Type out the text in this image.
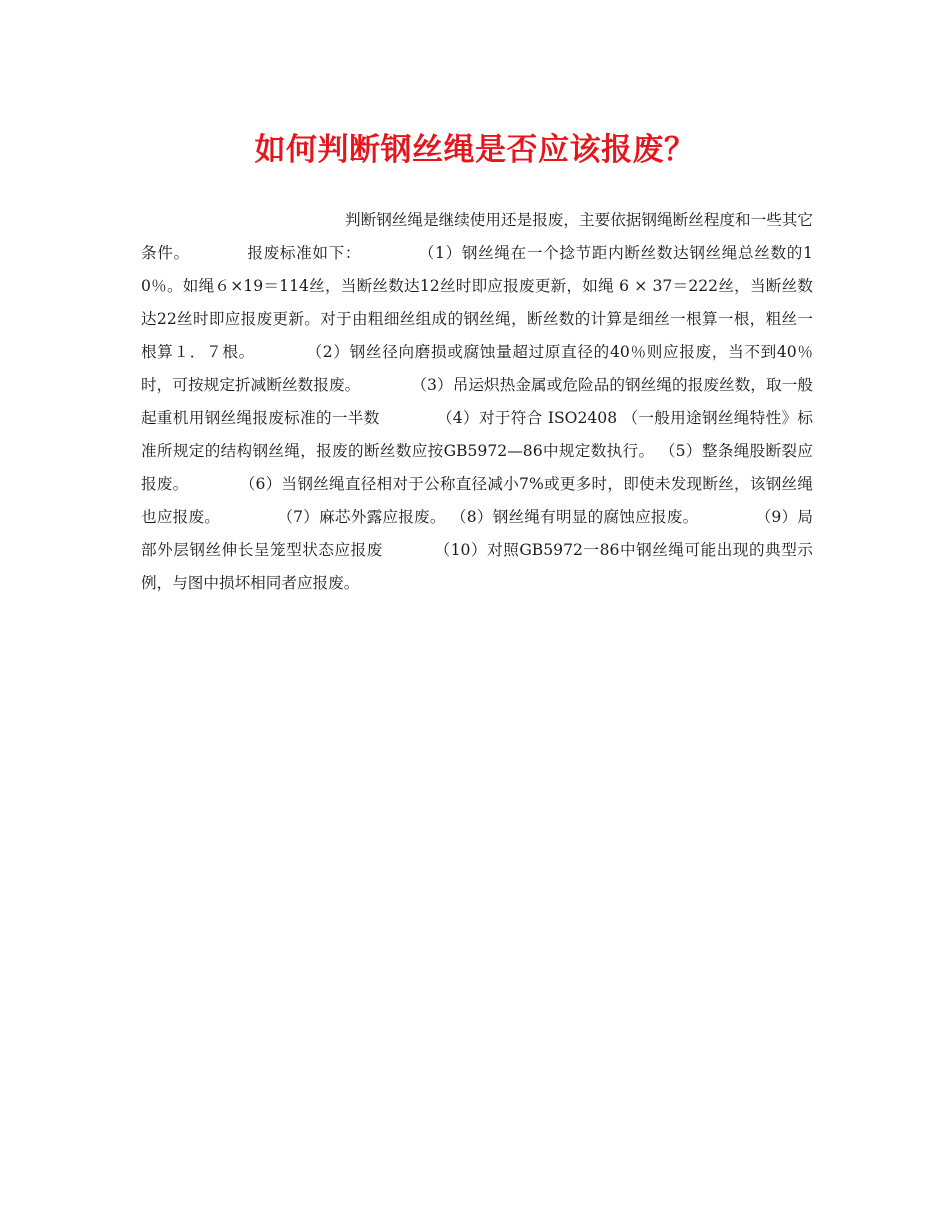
如何判断钢丝绳是否应该报废？
判断钢丝绳是继续使用还是报废，主要依据钢绳断丝程度和一些其它条件。	报废标准如下：	（1）钢丝绳在一个捻节距内断丝数达钢丝绳总丝数的10％。如绳６×19＝114丝，当断丝数达12丝时即应报废更新，如绳 6 × 37＝222丝，当断丝数达22丝时即应报废更新。对于由粗细丝组成的钢丝绳，断丝数的计算是细丝一根算一根，粗丝一根算１．７根。	（2）钢丝径向磨损或腐蚀量超过原直径的40％则应报废，当不到40％时，可按规定折减断丝数报废。	（3）吊运炽热金属或危险品的钢丝绳的报废丝数，取一般起重机用钢丝绳报废标准的一半数	（4）对于符合 ISO2408 （一般用途钢丝绳特性》标准所规定的结构钢丝绳，报废的断丝数应按GB5972—86中规定数执行。 （5）整条绳股断裂应报废。	（6）当钢丝绳直径相对于公称直径减小7%或更多时，即使未发现断丝，该钢丝绳也应报废。	（7）麻芯外露应报废。 （8）钢丝绳有明显的腐蚀应报废。	（9）局部外层钢丝伸长呈笼型状态应报废	（10）对照GB5972一86中钢丝绳可能出现的典型示例，与图中损坏相同者应报废。
